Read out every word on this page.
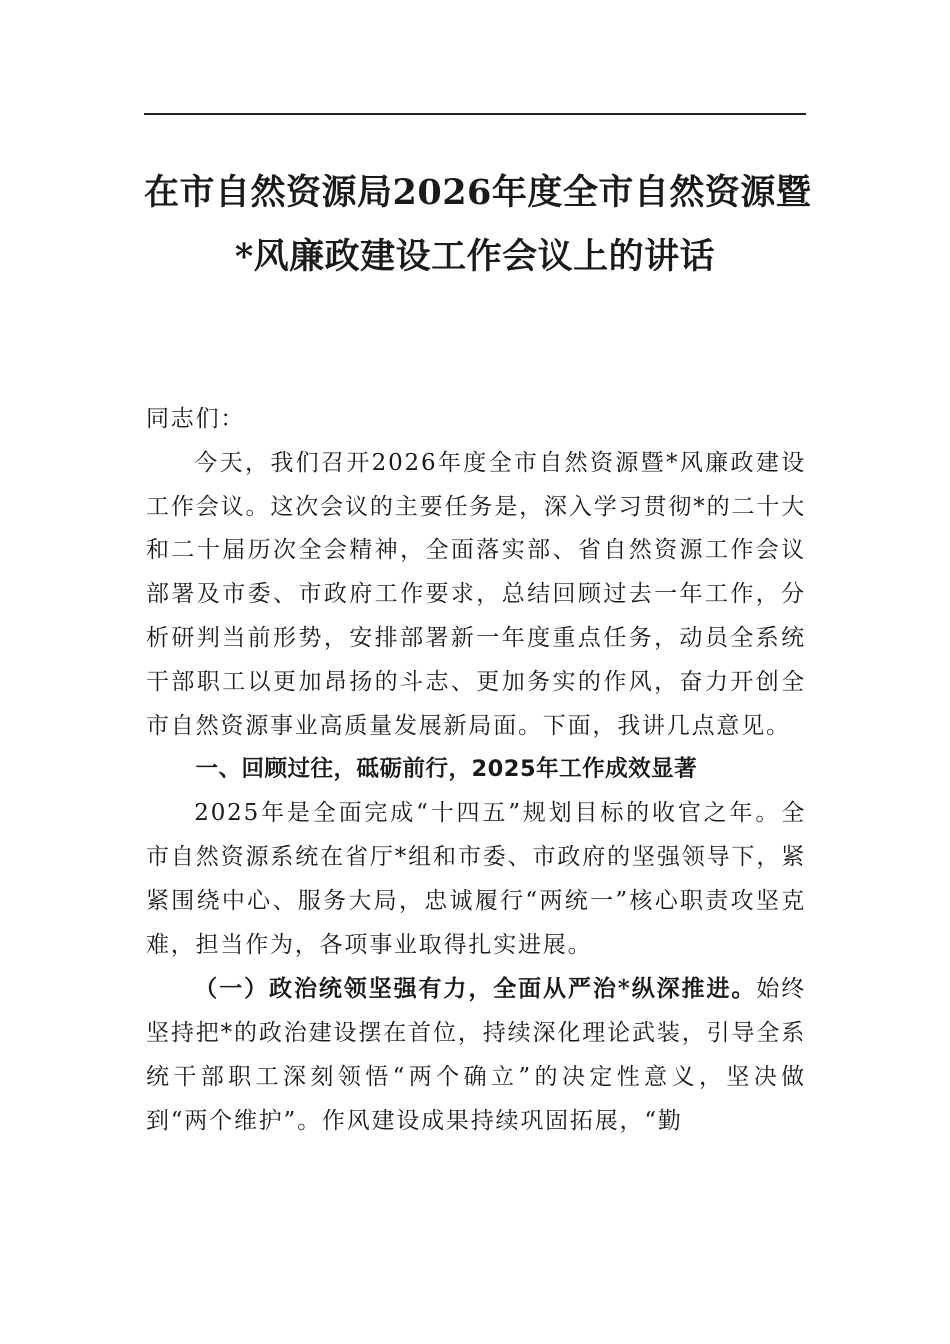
在市自然资源局2026年度全市自然资源暨
*风廉政建设工作会议上的讲话

同志们：

今天，我们召开2026年度全市自然资源暨*风廉政建设工作会议。这次会议的主要任务是，深入学习贯彻*的二十大和二十届历次全会精神，全面落实部、省自然资源工作会议部署及市委、市政府工作要求，总结回顾过去一年工作，分析研判当前形势，安排部署新一年度重点任务，动员全系统干部职工以更加昂扬的斗志、更加务实的作风，奋力开创全市自然资源事业高质量发展新局面。下面，我讲几点意见。

一、回顾过往，砥砺前行，2025年工作成效显著

2025年是全面完成“十四五”规划目标的收官之年。全市自然资源系统在省厅*组和市委、市政府的坚强领导下，紧紧围绕中心、服务大局，忠诚履行“两统一”核心职责攻坚克难，担当作为，各项事业取得扎实进展。

（一）政治统领坚强有力，全面从严治*纵深推进。始终坚持把*的政治建设摆在首位，持续深化理论武装，引导全系统干部职工深刻领悟“两个确立”的决定性意义，坚决做到“两个维护”。作风建设成果持续巩固拓展，“勤
